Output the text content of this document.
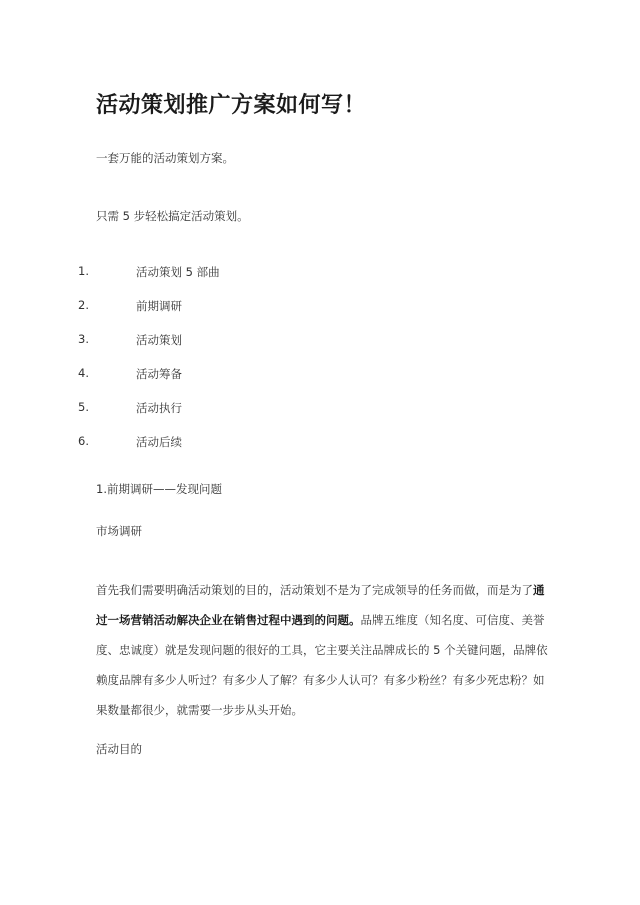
活动策划推广方案如何写！
一套万能的活动策划方案。
只需 5 步轻松搞定活动策划。
1.	活动策划 5 部曲
2.	前期调研
3.	活动策划
4.	活动筹备
5.	活动执行
6.	活动后续
1.前期调研——发现问题
市场调研

首先我们需要明确活动策划的目的，活动策划不是为了完成领导的任务而做，而是为了通过一场营销活动解决企业在销售过程中遇到的问题。品牌五维度（知名度、可信度、美誉度、忠诚度）就是发现问题的很好的工具，它主要关注品牌成长的 5 个关键问题，品牌依赖度品牌有多少人听过？有多少人了解？有多少人认可？有多少粉丝？有多少死忠粉？如果数量都很少，就需要一步步从头开始。

活动目的
